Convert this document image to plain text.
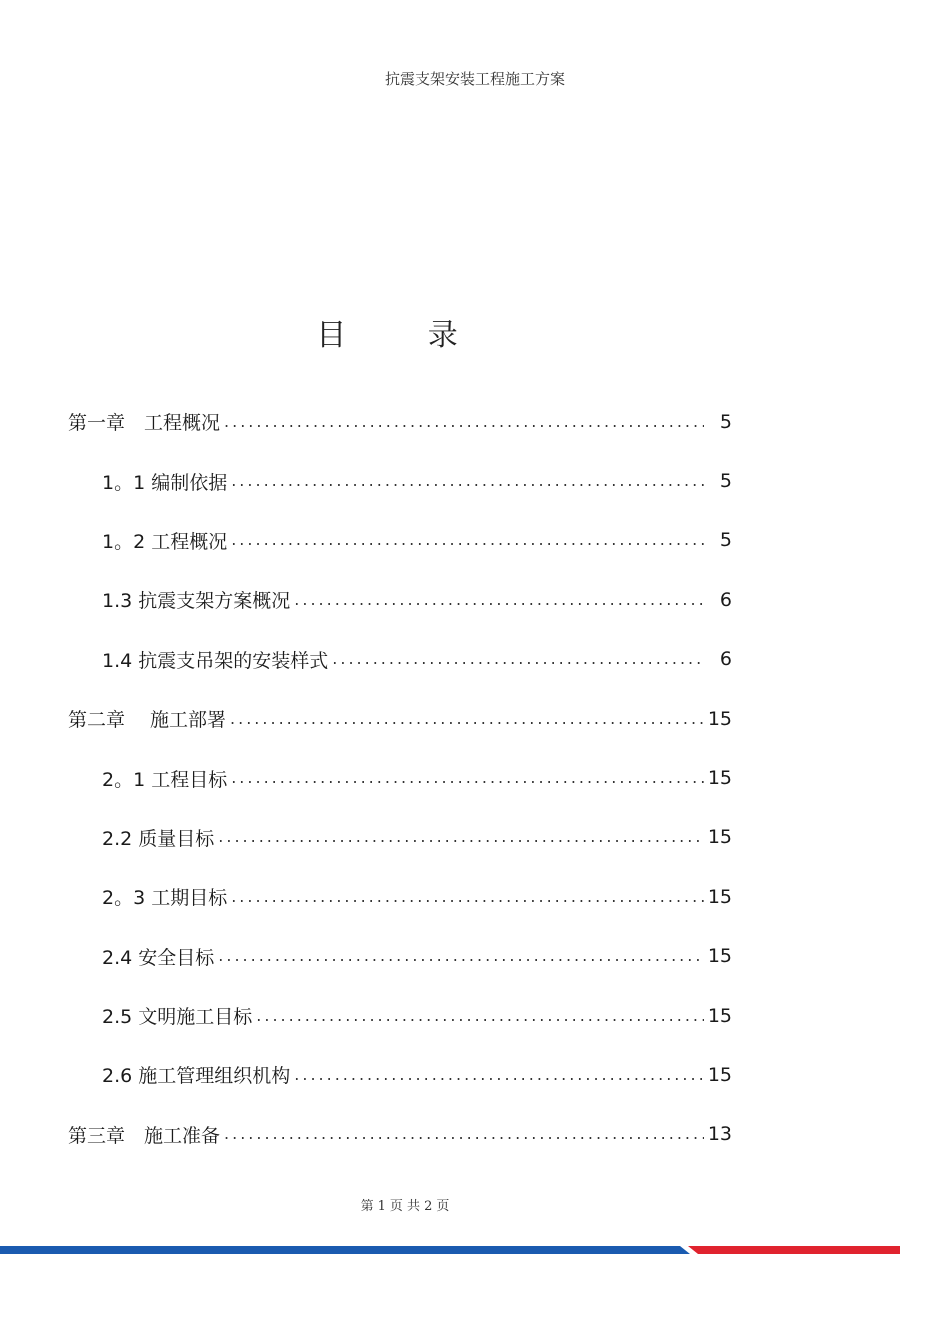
抗震支架安装工程施工方案
目 录
第一章　工程概况 .....	5
1。1 编制依据 .....	5
1。2 工程概况 .....	5
1.3 抗震支架方案概况 .....	6
1.4 抗震支吊架的安装样式 .....	6
第二章　 施工部署 .....	15
2。1 工程目标 .....	15
2.2 质量目标 .....	15
2。3 工期目标 .....	15
2.4 安全目标 .....	15
2.5 文明施工目标 .....	15
2.6 施工管理组织机构 .....	15
第三章　施工准备 .....	13
第 1 页 共 2 页
